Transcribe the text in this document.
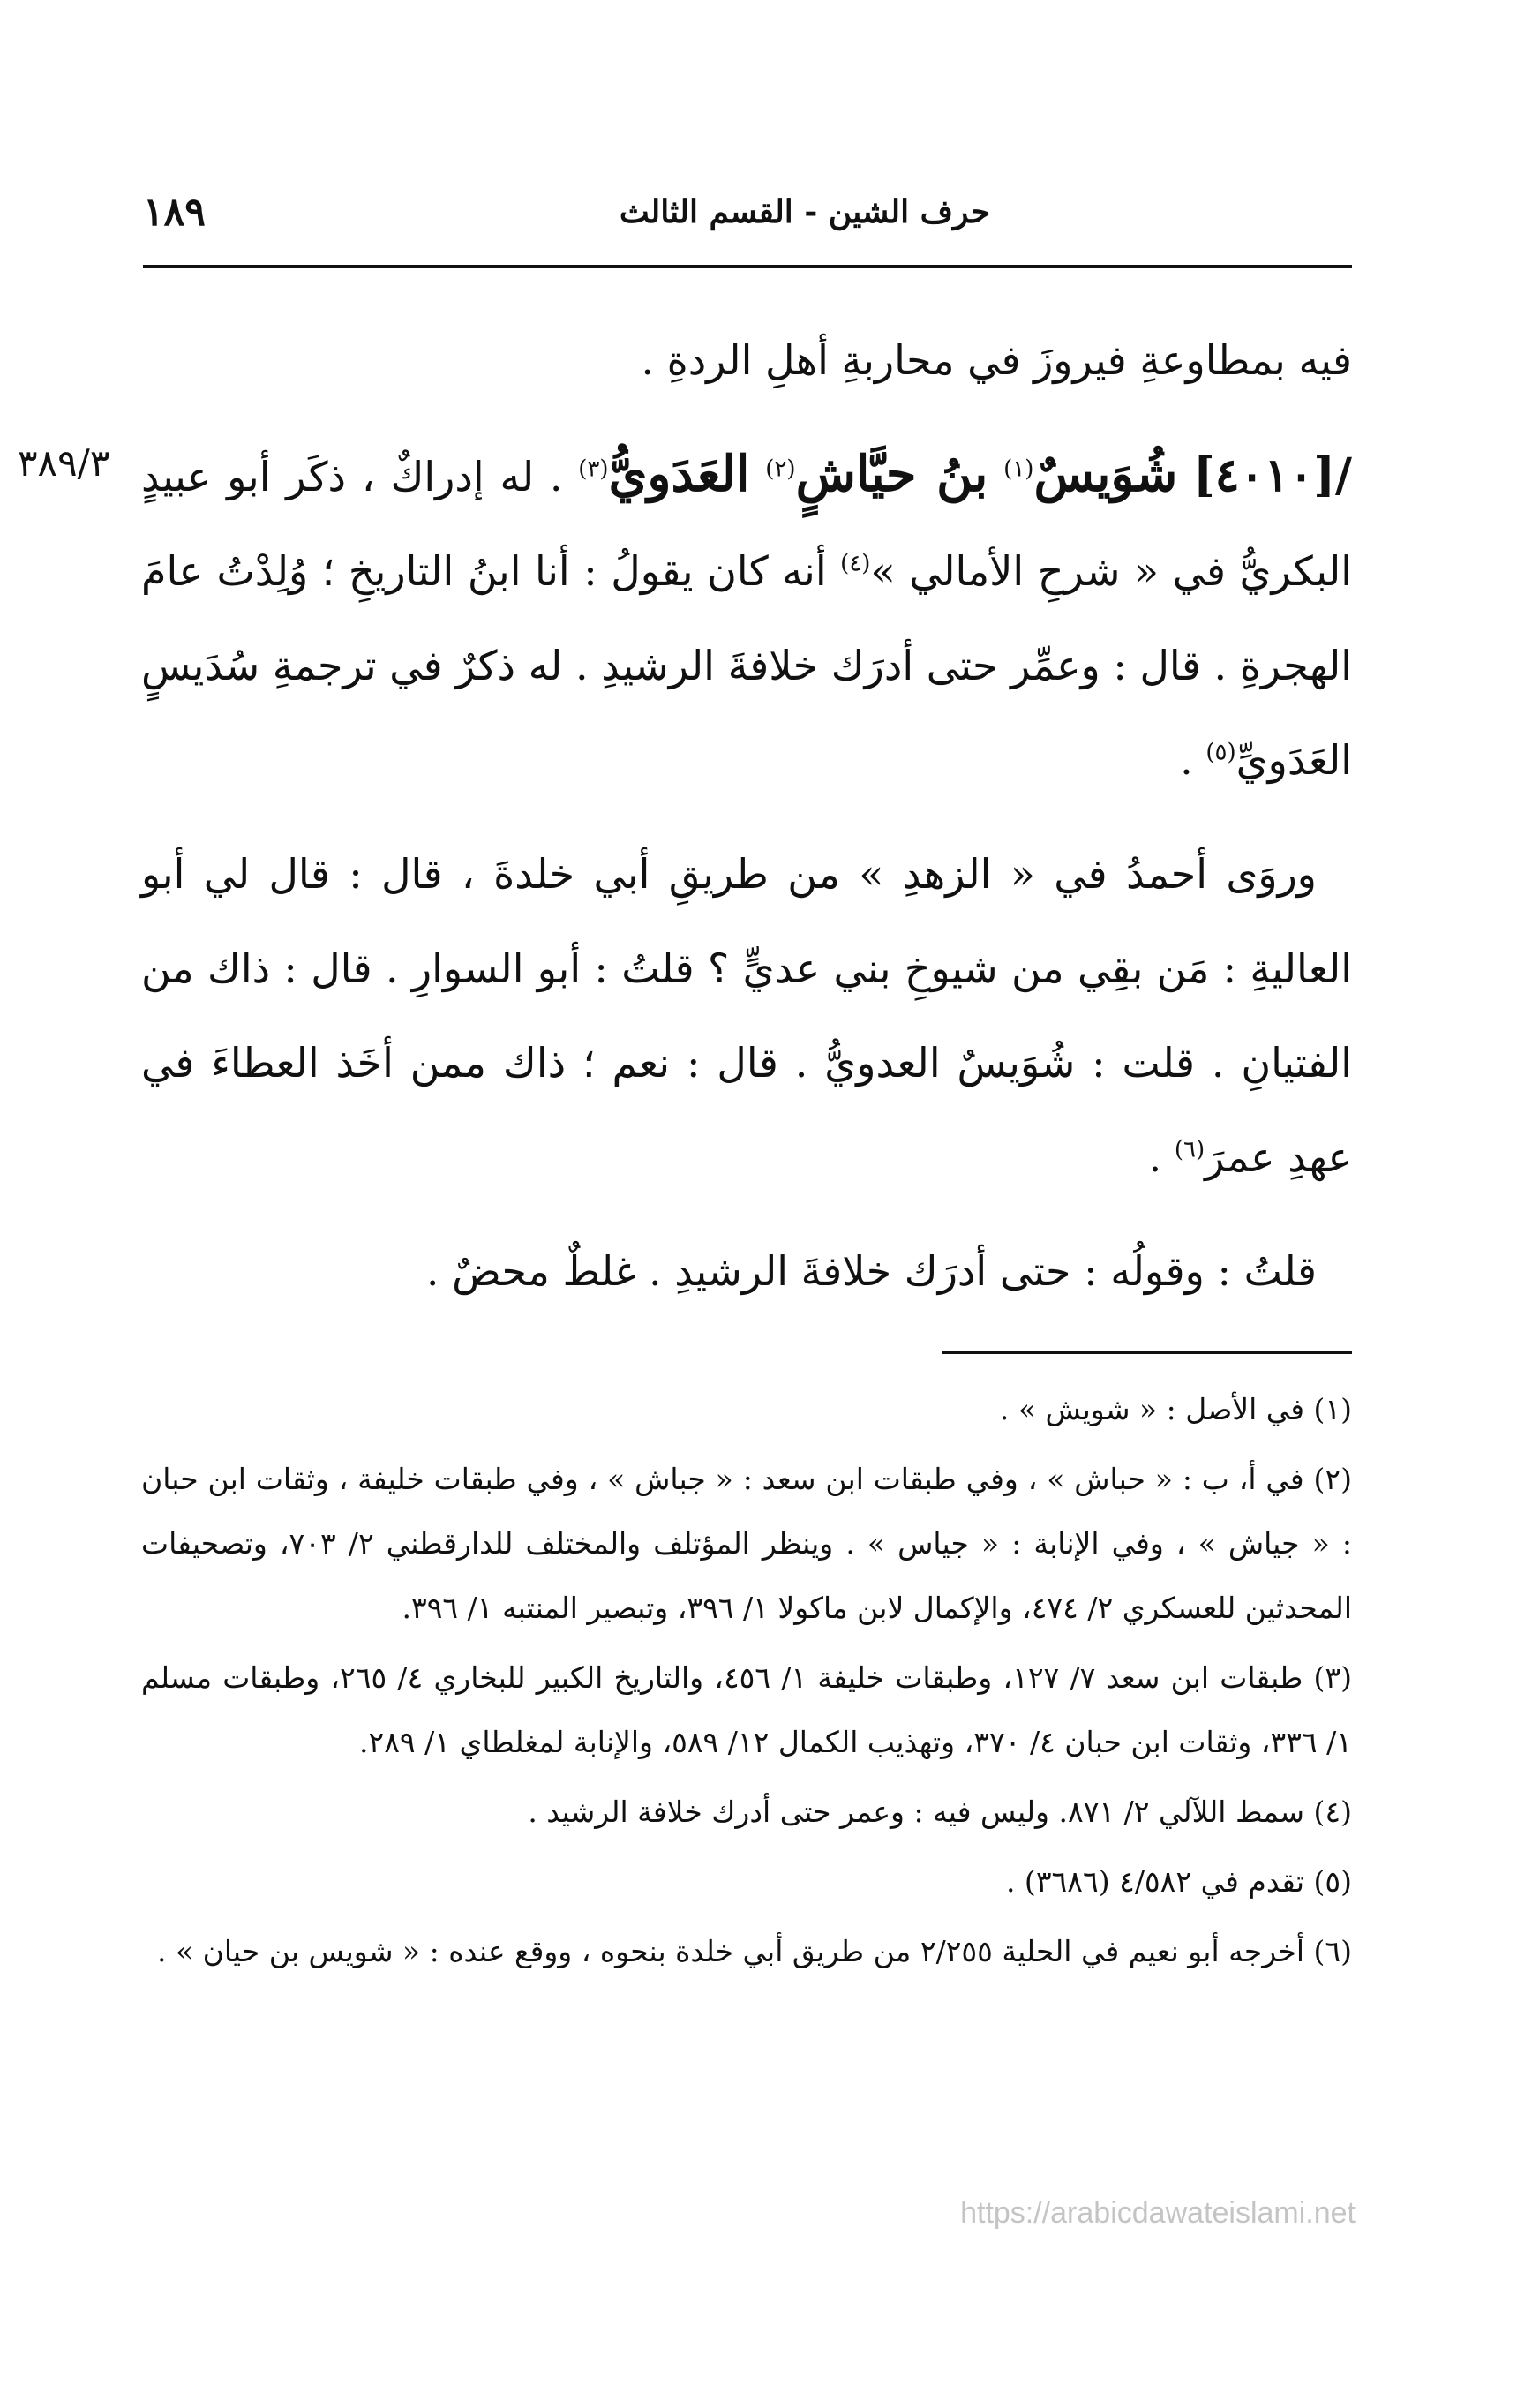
١٨٩	حرف الشين - القسم الثالث
٣٨٩/٣

فيه بمطاوعةِ فيروزَ في محاربةِ أهلِ الردةِ .

/[٤٠١٠] شُوَيسٌ$^{(١)}$ بنُ حيَّاشٍ$^{(٢)}$ العَدَويُّ$^{(٣)}$ . له إدراكٌ ، ذكَر أبو عبيدٍ البكريُّ في « شرحِ الأمالي »$^{(٤)}$ أنه كان يقولُ : أنا ابنُ التاريخِ ؛ وُلِدْتُ عامَ الهجرةِ . قال : وعمِّر حتى أدرَك خلافةَ الرشيدِ . له ذكرٌ في ترجمةِ سُدَيسٍ العَدَويِّ$^{(٥)}$ .

وروَى أحمدُ في « الزهدِ » من طريقِ أبي خلدةَ ، قال : قال لي أبو العاليةِ : مَن بقِي من شيوخِ بني عديٍّ ؟ قلتُ : أبو السوارِ . قال : ذاك من الفتيانِ . قلت : شُوَيسٌ العدويُّ . قال : نعم ؛ ذاك ممن أخَذ العطاءَ في عهدِ عمرَ$^{(٦)}$ .

قلتُ : وقولُه : حتى أدرَك خلافةَ الرشيدِ . غلطٌ محضٌ .

(١) في الأصل : « شويش » .

(٢) في أ، ب : « حباش » ، وفي طبقات ابن سعد : « جباش » ، وفي طبقات خليفة ، وثقات ابن حبان : « جياش » ، وفي الإنابة : « جياس » . وينظر المؤتلف والمختلف للدارقطني ٢/ ٧٠٣، وتصحيفات المحدثين للعسكري ٢/ ٤٧٤، والإكمال لابن ماكولا ١/ ٣٩٦، وتبصير المنتبه ١/ ٣٩٦.

(٣) طبقات ابن سعد ٧/ ١٢٧، وطبقات خليفة ١/ ٤٥٦، والتاريخ الكبير للبخاري ٤/ ٢٦٥، وطبقات مسلم ١/ ٣٣٦، وثقات ابن حبان ٤/ ٣٧٠، وتهذيب الكمال ١٢/ ٥٨٩، والإنابة لمغلطاي ١/ ٢٨٩.

(٤) سمط اللآلي ٢/ ٨٧١. وليس فيه : وعمر حتى أدرك خلافة الرشيد .

(٥) تقدم في ٤/٥٨٢ (٣٦٨٦) .

(٦) أخرجه أبو نعيم في الحلية ٢/٢٥٥ من طريق أبي خلدة بنحوه ، ووقع عنده : « شويس بن حيان » .

https://arabicdawateislami.net
